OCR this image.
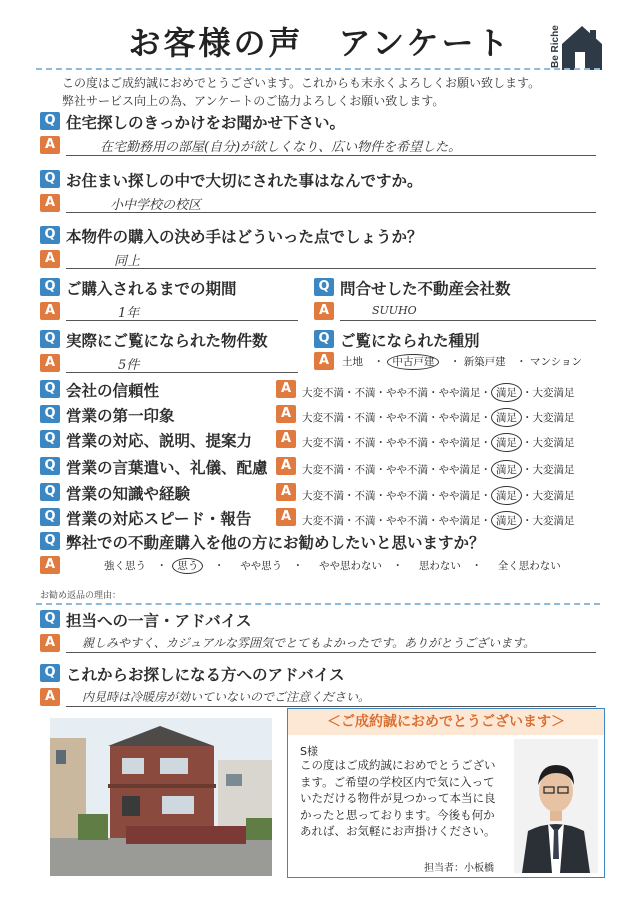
お客様の声　アンケート	Be Riche
この度はご成約誠におめでとうございます。これからも末永くよろしくお願い致します。
弊社サービス向上の為、アンケートのご協力よろしくお願い致します。
Q 住宅探しのきっかけをお聞かせ下さい。
A	在宅勤務用の部屋(自分)が欲しくなり、広い物件を希望した。
Q お住まい探しの中で大切にされた事はなんですか。
A	小中学校の校区
Q 本物件の購入の決め手はどういった点でしょうか？
A	同上
Q ご購入されるまでの期間
A	1年
Q 問合せした不動産会社数
A	SUUHO
Q 実際にご覧になられた物件数
A	5件
Q ご覧になられた種別
A	土地　・ 中古戸建　・ 新築戸建　・ マンション
Q 会社の信頼性	A	大変不満・不満・やや不満・やや満足・満足・大変満足
Q 営業の第一印象	A	大変不満・不満・やや不満・やや満足・満足・大変満足
Q 営業の対応、説明、提案力	A	大変不満・不満・やや不満・やや満足・満足・大変満足
Q 営業の言葉遣い、礼儀、配慮	A	大変不満・不満・やや不満・やや満足・満足・大変満足
Q 営業の知識や経験	A	大変不満・不満・やや不満・やや満足・満足・大変満足
Q 営業の対応スピード・報告	A	大変不満・不満・やや不満・やや満足・満足・大変満足
Q 弊社での不動産購入を他の方にお勧めしたいと思いますか？
A	強く思う　・ 思う　・　 やや思う　・　 やや思わない　・　 思わない　・　 全く思わない
お勧め返品の理由：
Q 担当への一言・アドバイス
A	親しみやすく、カジュアルな雰囲気でとてもよかったです。ありがとうございます。
Q これからお探しになる方へのアドバイス
A	内見時は冷暖房が効いていないのでご注意ください。
＜ご成約誠におめでとうございます＞
S様
この度はご成約誠におめでとうございます。ご希望の学校区内で気に入っていただける物件が見つかって本当に良かったと思っております。今後も何かあれば、お気軽にお声掛けください。
担当者：小板橋
